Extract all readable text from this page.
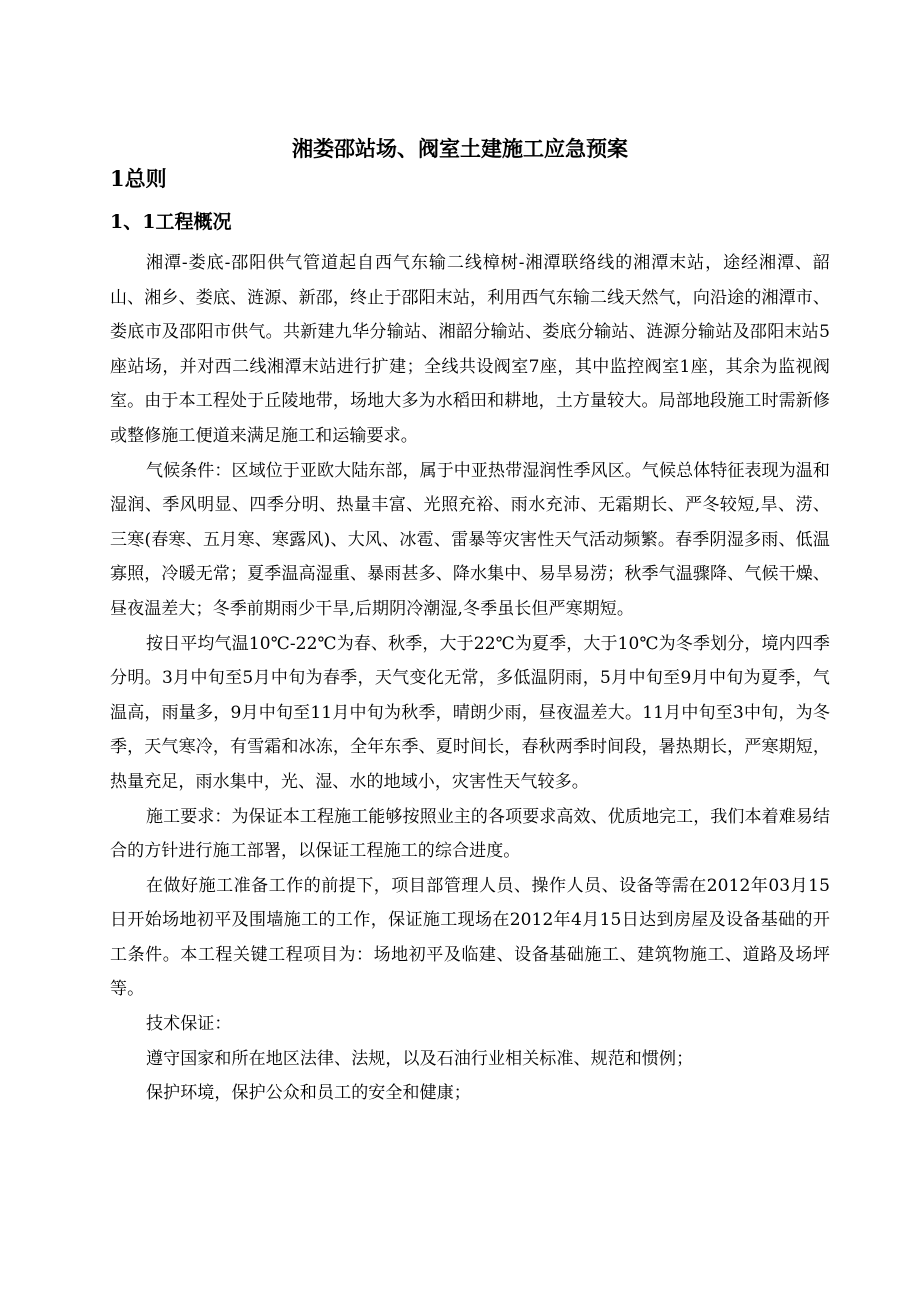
湘娄邵站场、阀室土建施工应急预案
1总则
1、1工程概况

湘潭-娄底-邵阳供气管道起自西气东输二线樟树-湘潭联络线的湘潭末站，途经湘潭、韶山、湘乡、娄底、涟源、新邵，终止于邵阳末站，利用西气东输二线天然气，向沿途的湘潭市、娄底市及邵阳市供气。共新建九华分输站、湘韶分输站、娄底分输站、涟源分输站及邵阳末站5座站场，并对西二线湘潭末站进行扩建；全线共设阀室7座，其中监控阀室1座，其余为监视阀室。由于本工程处于丘陵地带，场地大多为水稻田和耕地，土方量较大。局部地段施工时需新修或整修施工便道来满足施工和运输要求。

气候条件：区域位于亚欧大陆东部，属于中亚热带湿润性季风区。气候总体特征表现为温和湿润、季风明显、四季分明、热量丰富、光照充裕、雨水充沛、无霜期长、严冬较短,旱、涝、三寒(春寒、五月寒、寒露风)、大风、冰雹、雷暴等灾害性天气活动频繁。春季阴湿多雨、低温寡照，冷暖无常；夏季温高湿重、暴雨甚多、降水集中、易旱易涝；秋季气温骤降、气候干燥、昼夜温差大；冬季前期雨少干旱,后期阴冷潮湿,冬季虽长但严寒期短。

按日平均气温10℃-22℃为春、秋季，大于22℃为夏季，大于10℃为冬季划分，境内四季分明。3月中旬至5月中旬为春季，天气变化无常，多低温阴雨，5月中旬至9月中旬为夏季，气温高，雨量多，9月中旬至11月中旬为秋季，晴朗少雨，昼夜温差大。11月中旬至3中旬，为冬季，天气寒冷，有雪霜和冰冻，全年东季、夏时间长，春秋两季时间段，暑热期长，严寒期短，热量充足，雨水集中，光、湿、水的地域小，灾害性天气较多。

施工要求：为保证本工程施工能够按照业主的各项要求高效、优质地完工，我们本着难易结合的方针进行施工部署，以保证工程施工的综合进度。

在做好施工准备工作的前提下，项目部管理人员、操作人员、设备等需在2012年03月15日开始场地初平及围墙施工的工作，保证施工现场在2012年4月15日达到房屋及设备基础的开工条件。本工程关键工程项目为：场地初平及临建、设备基础施工、建筑物施工、道路及场坪等。

技术保证：

遵守国家和所在地区法律、法规，以及石油行业相关标准、规范和惯例；

保护环境，保护公众和员工的安全和健康；
